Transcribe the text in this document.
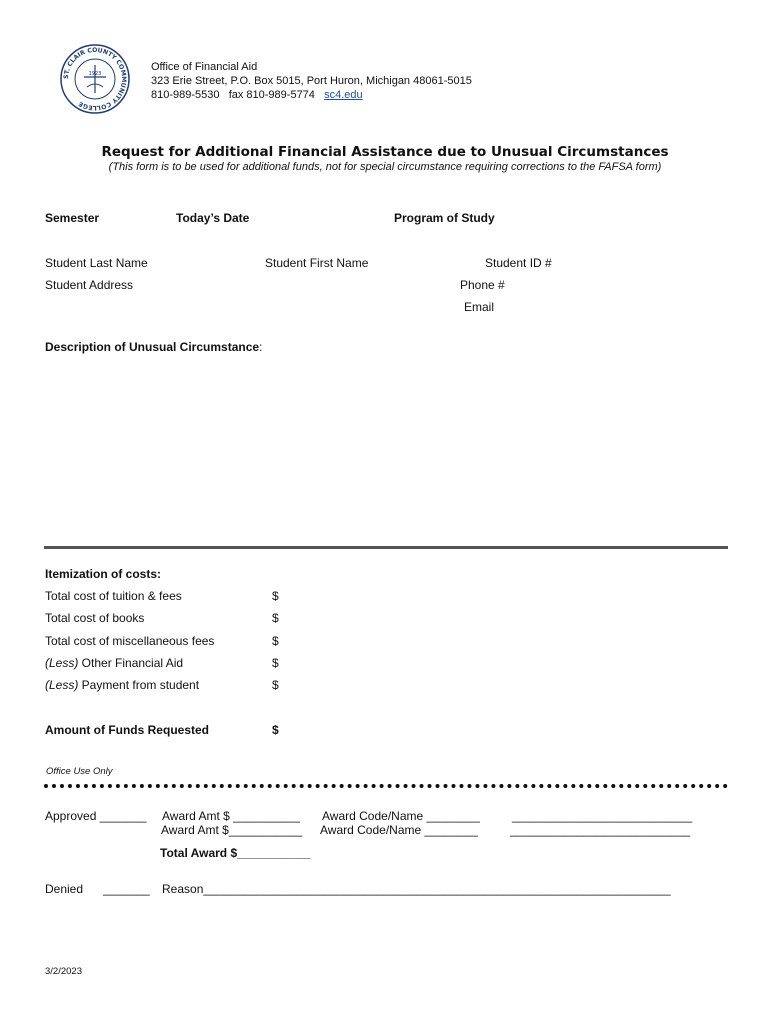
ST. CLAIR COUNTY COMMUNITY COLLEGE
1923
Office of Financial Aid
323 Erie Street, P.O. Box 5015, Port Huron, Michigan 48061-5015
810-989-5530 fax 810-989-5774 sc4.edu
Request for Additional Financial Assistance due to Unusual Circumstances
(This form is to be used for additional funds, not for special circumstance requiring corrections to the FAFSA form)
Semester	Today’s Date	Program of Study
Student Last Name	Student First Name	Student ID #
Student Address	Phone #
Email
Description of Unusual Circumstance:
Itemization of costs:
Total cost of tuition & fees	$
Total cost of books	$
Total cost of miscellaneous fees	$
(Less) Other Financial Aid	$
(Less) Payment from student	$
Amount of Funds Requested	$
Office Use Only
Approved _______ Award Amt $ __________ Award Code/Name ________	___________________________
Award Amt $___________ Award Code/Name ________	___________________________
Total Award $___________
Denied _______ Reason______________________________________________________________________
3/2/2023
